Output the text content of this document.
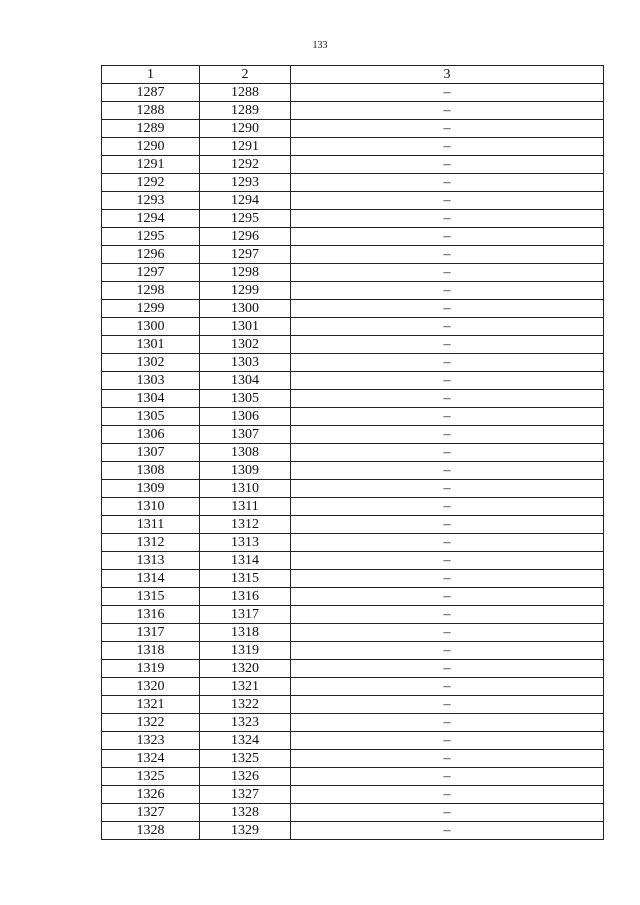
133
1	2	3
1287	1288	–
1288	1289	–
1289	1290	–
1290	1291	–
1291	1292	–
1292	1293	–
1293	1294	–
1294	1295	–
1295	1296	–
1296	1297	–
1297	1298	–
1298	1299	–
1299	1300	–
1300	1301	–
1301	1302	–
1302	1303	–
1303	1304	–
1304	1305	–
1305	1306	–
1306	1307	–
1307	1308	–
1308	1309	–
1309	1310	–
1310	1311	–
1311	1312	–
1312	1313	–
1313	1314	–
1314	1315	–
1315	1316	–
1316	1317	–
1317	1318	–
1318	1319	–
1319	1320	–
1320	1321	–
1321	1322	–
1322	1323	–
1323	1324	–
1324	1325	–
1325	1326	–
1326	1327	–
1327	1328	–
1328	1329	–
